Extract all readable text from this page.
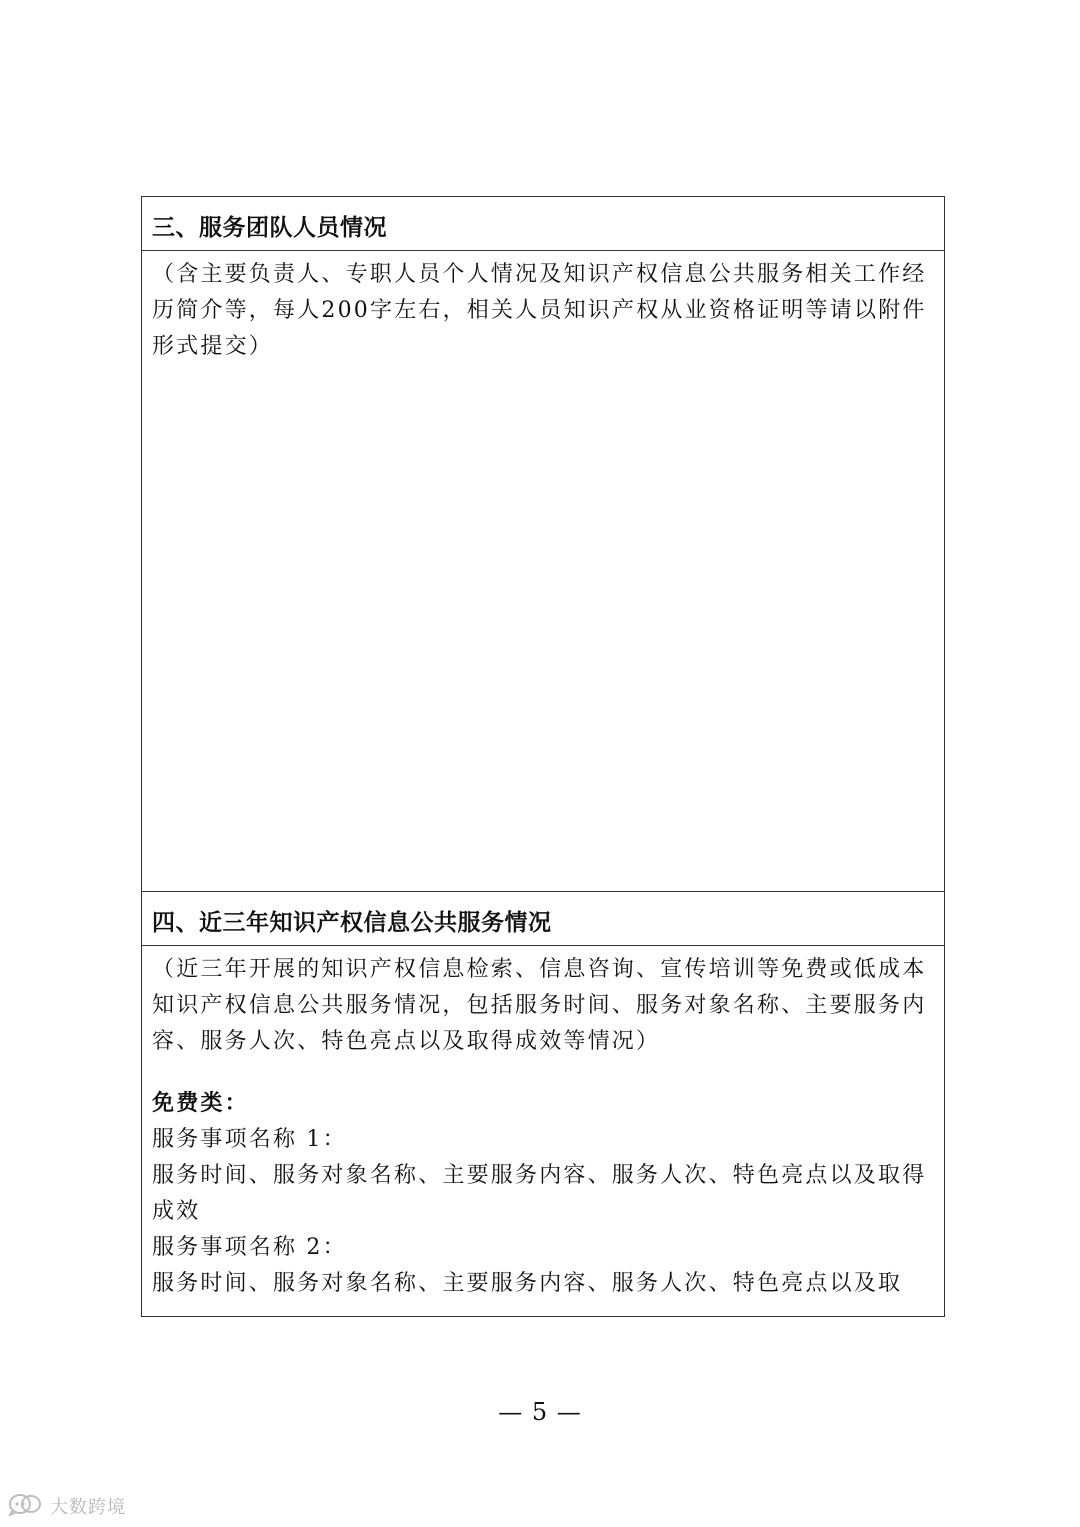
三、服务团队人员情况
（含主要负责人、专职人员个人情况及知识产权信息公共服务相关工作经历简介等，每人200字左右，相关人员知识产权从业资格证明等请以附件形式提交）
四、近三年知识产权信息公共服务情况
（近三年开展的知识产权信息检索、信息咨询、宣传培训等免费或低成本知识产权信息公共服务情况，包括服务时间、服务对象名称、主要服务内容、服务人次、特色亮点以及取得成效等情况）
免费类：
服务事项名称 1：
服务时间、服务对象名称、主要服务内容、服务人次、特色亮点以及取得成效
服务事项名称 2：
服务时间、服务对象名称、主要服务内容、服务人次、特色亮点以及取
— 5 —
大数跨境
